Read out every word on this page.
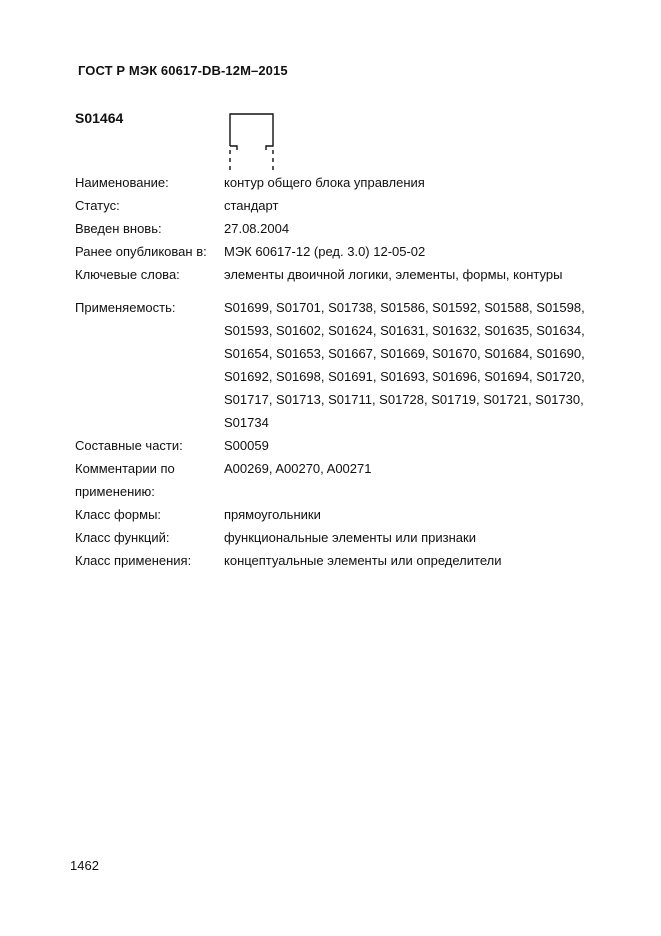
ГОСТ Р МЭК 60617-DB-12M–2015
S01464
Наименование:	контур общего блока управления
Статус:	стандарт
Введен вновь:	27.08.2004
Ранее опубликован в:	МЭК 60617-12 (ред. 3.0) 12-05-02
Ключевые слова:	элементы двоичной логики, элементы, формы, контуры
Применяемость:	S01699, S01701, S01738, S01586, S01592, S01588, S01598,
S01593, S01602, S01624, S01631, S01632, S01635, S01634,
S01654, S01653, S01667, S01669, S01670, S01684, S01690,
S01692, S01698, S01691, S01693, S01696, S01694, S01720,
S01717, S01713, S01711, S01728, S01719, S01721, S01730,
S01734
Составные части:	S00059
Комментарии по	A00269, A00270, A00271
применению:
Класс формы:	прямоугольники
Класс функций:	функциональные элементы или признаки
Класс применения:	концептуальные элементы или определители
1462
